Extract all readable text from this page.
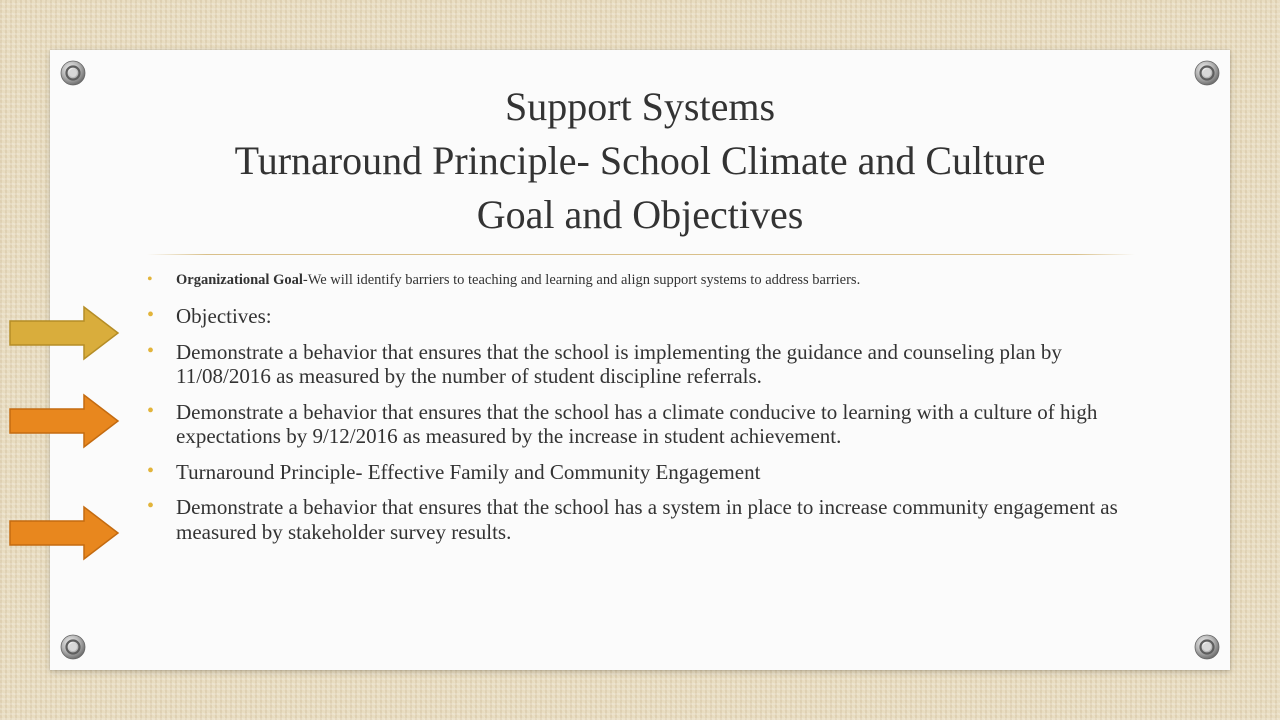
Support Systems
Turnaround Principle- School Climate and Culture
Goal and Objectives
• Organizational Goal-We will identify barriers to teaching and learning and align support systems to address barriers.
• Objectives:
• Demonstrate a behavior that ensures that the school is implementing the guidance and counseling plan by 11/08/2016 as measured by the number of student discipline referrals.
• Demonstrate a behavior that ensures that the school has a climate conducive to learning with a culture of high expectations by 9/12/2016 as measured by the increase in student achievement.
• Turnaround Principle- Effective Family and Community Engagement
• Demonstrate a behavior that ensures that the school has a system in place to increase community engagement as measured by stakeholder survey results.
